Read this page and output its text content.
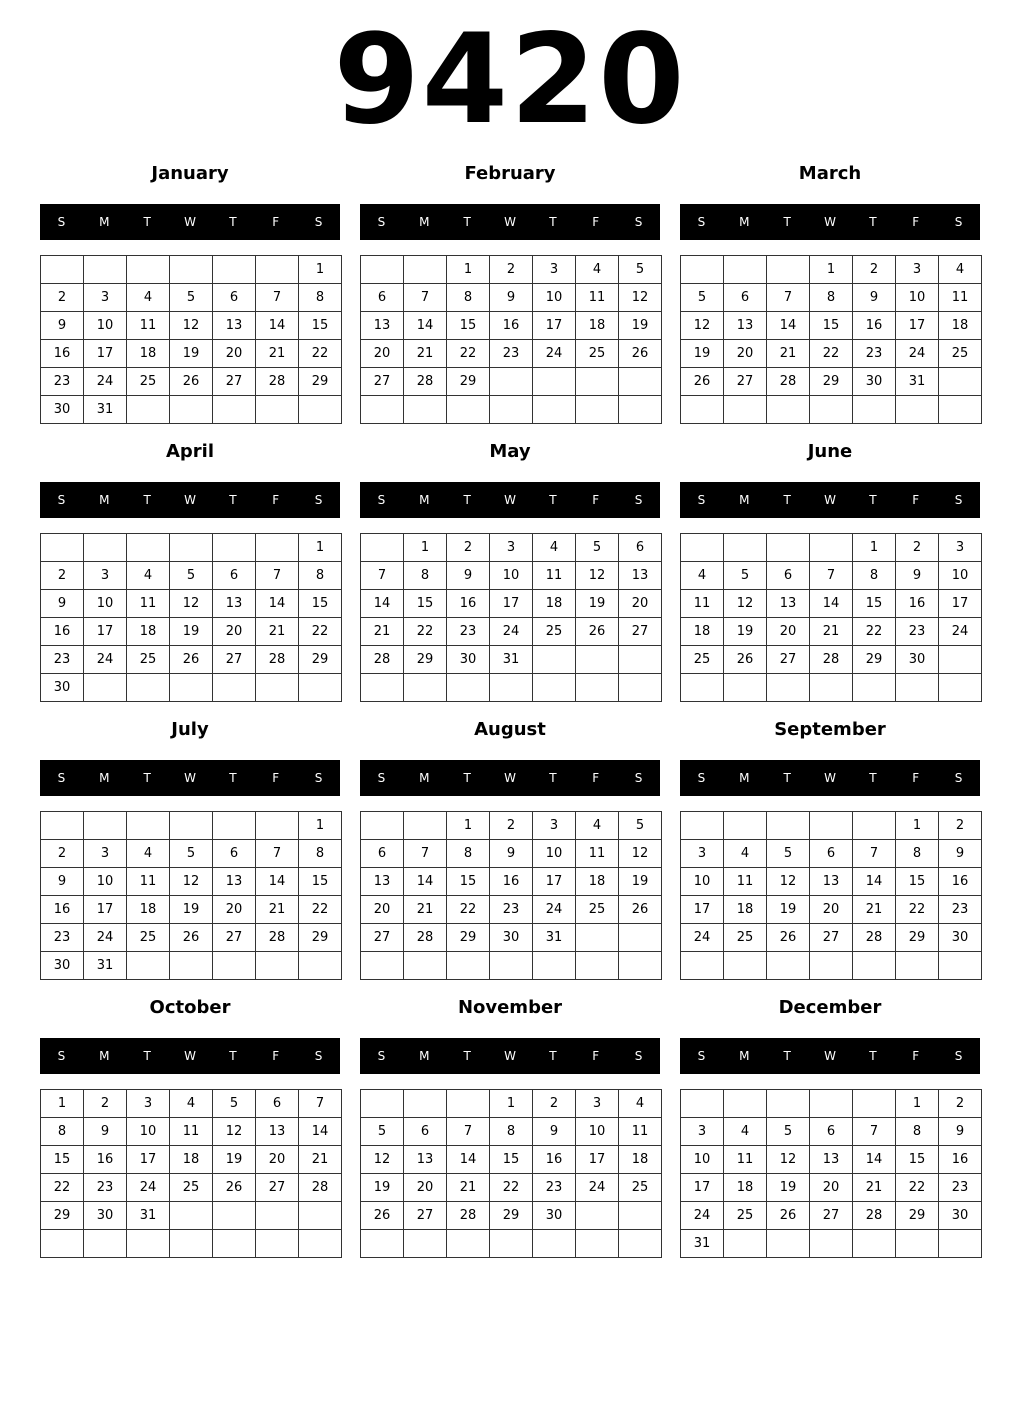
9420
January
S	M	T	W	T	F	S
						1
2	3	4	5	6	7	8
9	10	11	12	13	14	15
16	17	18	19	20	21	22
23	24	25	26	27	28	29
30	31					
February
S	M	T	W	T	F	S
		1	2	3	4	5
6	7	8	9	10	11	12
13	14	15	16	17	18	19
20	21	22	23	24	25	26
27	28	29				

March
S	M	T	W	T	F	S
			1	2	3	4
5	6	7	8	9	10	11
12	13	14	15	16	17	18
19	20	21	22	23	24	25
26	27	28	29	30	31	

April
S	M	T	W	T	F	S
						1
2	3	4	5	6	7	8
9	10	11	12	13	14	15
16	17	18	19	20	21	22
23	24	25	26	27	28	29
30						
May
S	M	T	W	T	F	S
	1	2	3	4	5	6
7	8	9	10	11	12	13
14	15	16	17	18	19	20
21	22	23	24	25	26	27
28	29	30	31			

June
S	M	T	W	T	F	S
				1	2	3
4	5	6	7	8	9	10
11	12	13	14	15	16	17
18	19	20	21	22	23	24
25	26	27	28	29	30	

July
S	M	T	W	T	F	S
						1
2	3	4	5	6	7	8
9	10	11	12	13	14	15
16	17	18	19	20	21	22
23	24	25	26	27	28	29
30	31					
August
S	M	T	W	T	F	S
		1	2	3	4	5
6	7	8	9	10	11	12
13	14	15	16	17	18	19
20	21	22	23	24	25	26
27	28	29	30	31		

September
S	M	T	W	T	F	S
					1	2
3	4	5	6	7	8	9
10	11	12	13	14	15	16
17	18	19	20	21	22	23
24	25	26	27	28	29	30

October
S	M	T	W	T	F	S
1	2	3	4	5	6	7
8	9	10	11	12	13	14
15	16	17	18	19	20	21
22	23	24	25	26	27	28
29	30	31				

November
S	M	T	W	T	F	S
			1	2	3	4
5	6	7	8	9	10	11
12	13	14	15	16	17	18
19	20	21	22	23	24	25
26	27	28	29	30		

December
S	M	T	W	T	F	S
					1	2
3	4	5	6	7	8	9
10	11	12	13	14	15	16
17	18	19	20	21	22	23
24	25	26	27	28	29	30
31						
